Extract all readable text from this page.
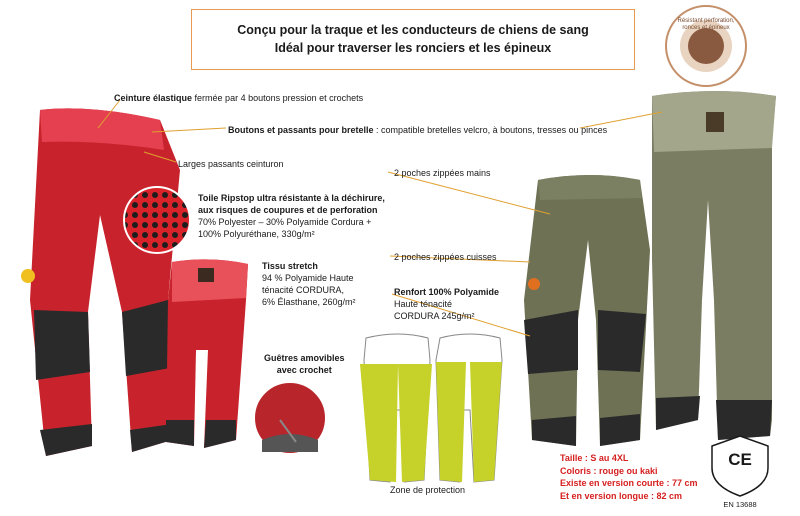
Conçu pour la traque et les conducteurs de chiens de sang
Idéal pour traverser les ronciers et les épineux
Résistant perforation, ronces et épineux
Ceinture élastique fermée par 4 boutons pression et crochets
Boutons et passants pour bretelle : compatible bretelles velcro, à boutons, tresses ou pinces
Larges passants ceinturon
Toile Ripstop ultra résistante à la déchirure,
aux risques de coupures et de perforation
70% Polyester – 30% Polyamide Cordura +
100% Polyuréthane, 330g/m²
Tissu stretch
94 % Polyamide Haute
ténacité CORDURA,
6% Élasthane, 260g/m²
Guêtres amovibles
avec crochet
2 poches zippées mains
2 poches zippées cuisses
Renfort 100% Polyamide
Haute ténacité
CORDURA 245g/m²
Zone de protection
Taille : S au 4XL
Coloris : rouge ou kaki
Existe en version courte : 77 cm
Et en version longue : 82 cm
CE
EN 13688
